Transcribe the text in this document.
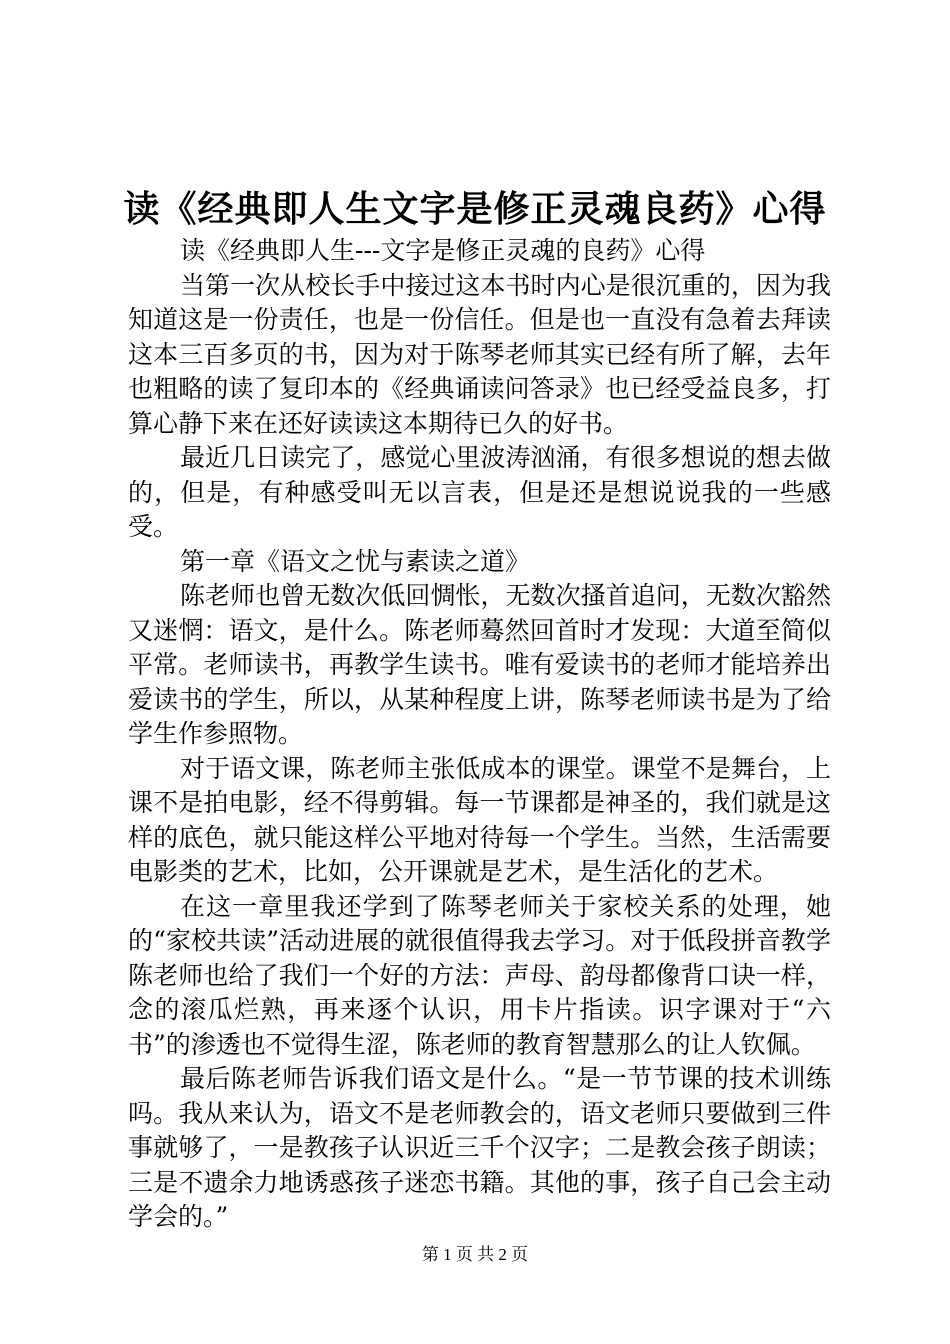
读《经典即人生文字是修正灵魂良药》心得

读《经典即人生---文字是修正灵魂的良药》心得

当第一次从校长手中接过这本书时内心是很沉重的，因为我知道这是一份责任，也是一份信任。但是也一直没有急着去拜读这本三百多页的书，因为对于陈琴老师其实已经有所了解，去年也粗略的读了复印本的《经典诵读问答录》也已经受益良多，打算心静下来在还好读读这本期待已久的好书。

最近几日读完了，感觉心里波涛汹涌，有很多想说的想去做的，但是，有种感受叫无以言表，但是还是想说说我的一些感受。

第一章《语文之忧与素读之道》

陈老师也曾无数次低回惆怅，无数次搔首追问，无数次豁然又迷惘：语文，是什么。陈老师蓦然回首时才发现：大道至简似平常。老师读书，再教学生读书。唯有爱读书的老师才能培养出爱读书的学生，所以，从某种程度上讲，陈琴老师读书是为了给学生作参照物。

对于语文课，陈老师主张低成本的课堂。课堂不是舞台，上课不是拍电影，经不得剪辑。每一节课都是神圣的，我们就是这样的底色，就只能这样公平地对待每一个学生。当然，生活需要电影类的艺术，比如，公开课就是艺术，是生活化的艺术。

在这一章里我还学到了陈琴老师关于家校关系的处理，她的“家校共读”活动进展的就很值得我去学习。对于低段拼音教学陈老师也给了我们一个好的方法：声母、韵母都像背口诀一样，念的滚瓜烂熟，再来逐个认识，用卡片指读。识字课对于“六书”的渗透也不觉得生涩，陈老师的教育智慧那么的让人钦佩。

最后陈老师告诉我们语文是什么。“是一节节课的技术训练吗。我从来认为，语文不是老师教会的，语文老师只要做到三件事就够了，一是教孩子认识近三千个汉字；二是教会孩子朗读；三是不遗余力地诱惑孩子迷恋书籍。其他的事，孩子自己会主动学会的。”

第 1 页 共 2 页
